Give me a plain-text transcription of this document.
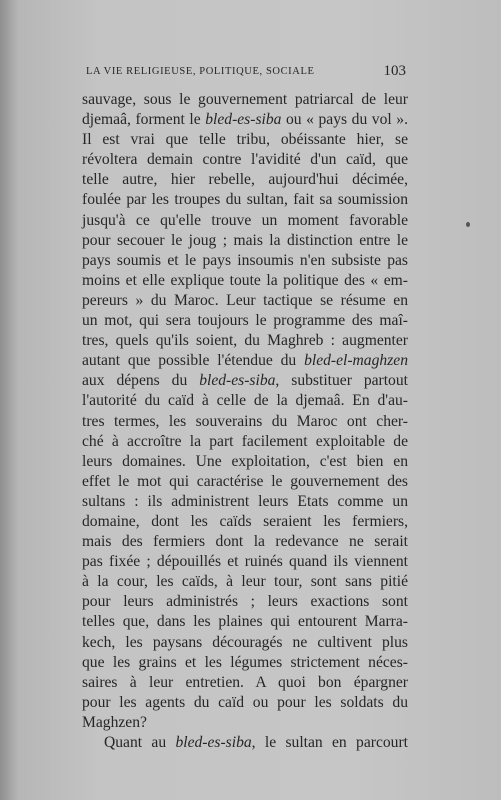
LA VIE RELIGIEUSE, POLITIQUE, SOCIALE	103
sauvage, sous le gouvernement patriarcal de leur
djemaâ, forment le bled-es-siba ou « pays du vol ».
Il est vrai que telle tribu, obéissante hier, se
révoltera demain contre l'avidité d'un caïd, que
telle autre, hier rebelle, aujourd'hui décimée,
foulée par les troupes du sultan, fait sa soumission
jusqu'à ce qu'elle trouve un moment favorable
pour secouer le joug ; mais la distinction entre le
pays soumis et le pays insoumis n'en subsiste pas
moins et elle explique toute la politique des « em-
pereurs » du Maroc. Leur tactique se résume en
un mot, qui sera toujours le programme des maî-
tres, quels qu'ils soient, du Maghreb : augmenter
autant que possible l'étendue du bled-el-maghzen
aux dépens du bled-es-siba, substituer partout
l'autorité du caïd à celle de la djemaâ. En d'au-
tres termes, les souverains du Maroc ont cher-
ché à accroître la part facilement exploitable de
leurs domaines. Une exploitation, c'est bien en
effet le mot qui caractérise le gouvernement des
sultans : ils administrent leurs Etats comme un
domaine, dont les caïds seraient les fermiers,
mais des fermiers dont la redevance ne serait
pas fixée ; dépouillés et ruinés quand ils viennent
à la cour, les caïds, à leur tour, sont sans pitié
pour leurs administrés ; leurs exactions sont
telles que, dans les plaines qui entourent Marra-
kech, les paysans découragés ne cultivent plus
que les grains et les légumes strictement néces-
saires à leur entretien. A quoi bon épargner
pour les agents du caïd ou pour les soldats du
Maghzen?
Quant au bled-es-siba, le sultan en parcourt
